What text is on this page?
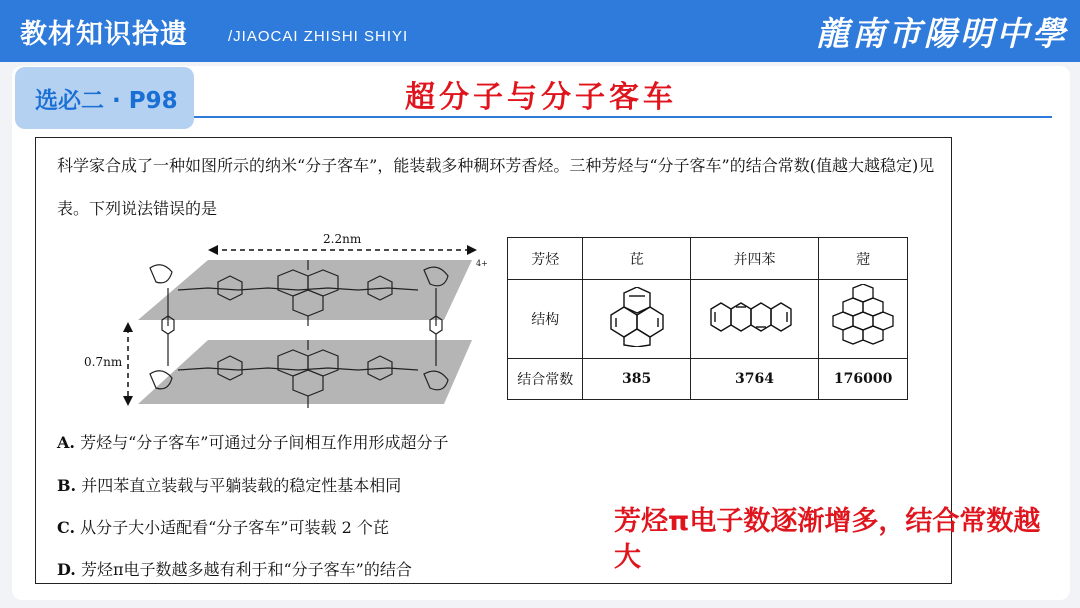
教材知识拾遗	/JIAOCAI ZHISHI SHIYI	龍南市陽明中學
选必二 · P98	超分子与分子客车
科学家合成了一种如图所示的纳米“分子客车”，能装载多种稠环芳香烃。三种芳烃与“分子客车”的结合常数(值越大越稳定)见表。下列说法错误的是
2.2nm
4+
0.7nm
芳烃	芘	并四苯	蒄
结构			
结合常数	385	3764	176000
A. 芳烃与“分子客车”可通过分子间相互作用形成超分子
B. 并四苯直立装载与平躺装载的稳定性基本相同
C. 从分子大小适配看“分子客车”可装载 2 个芘
D. 芳烃π电子数越多越有利于和“分子客车”的结合
芳烃π电子数逐渐增多，结合常数越大
